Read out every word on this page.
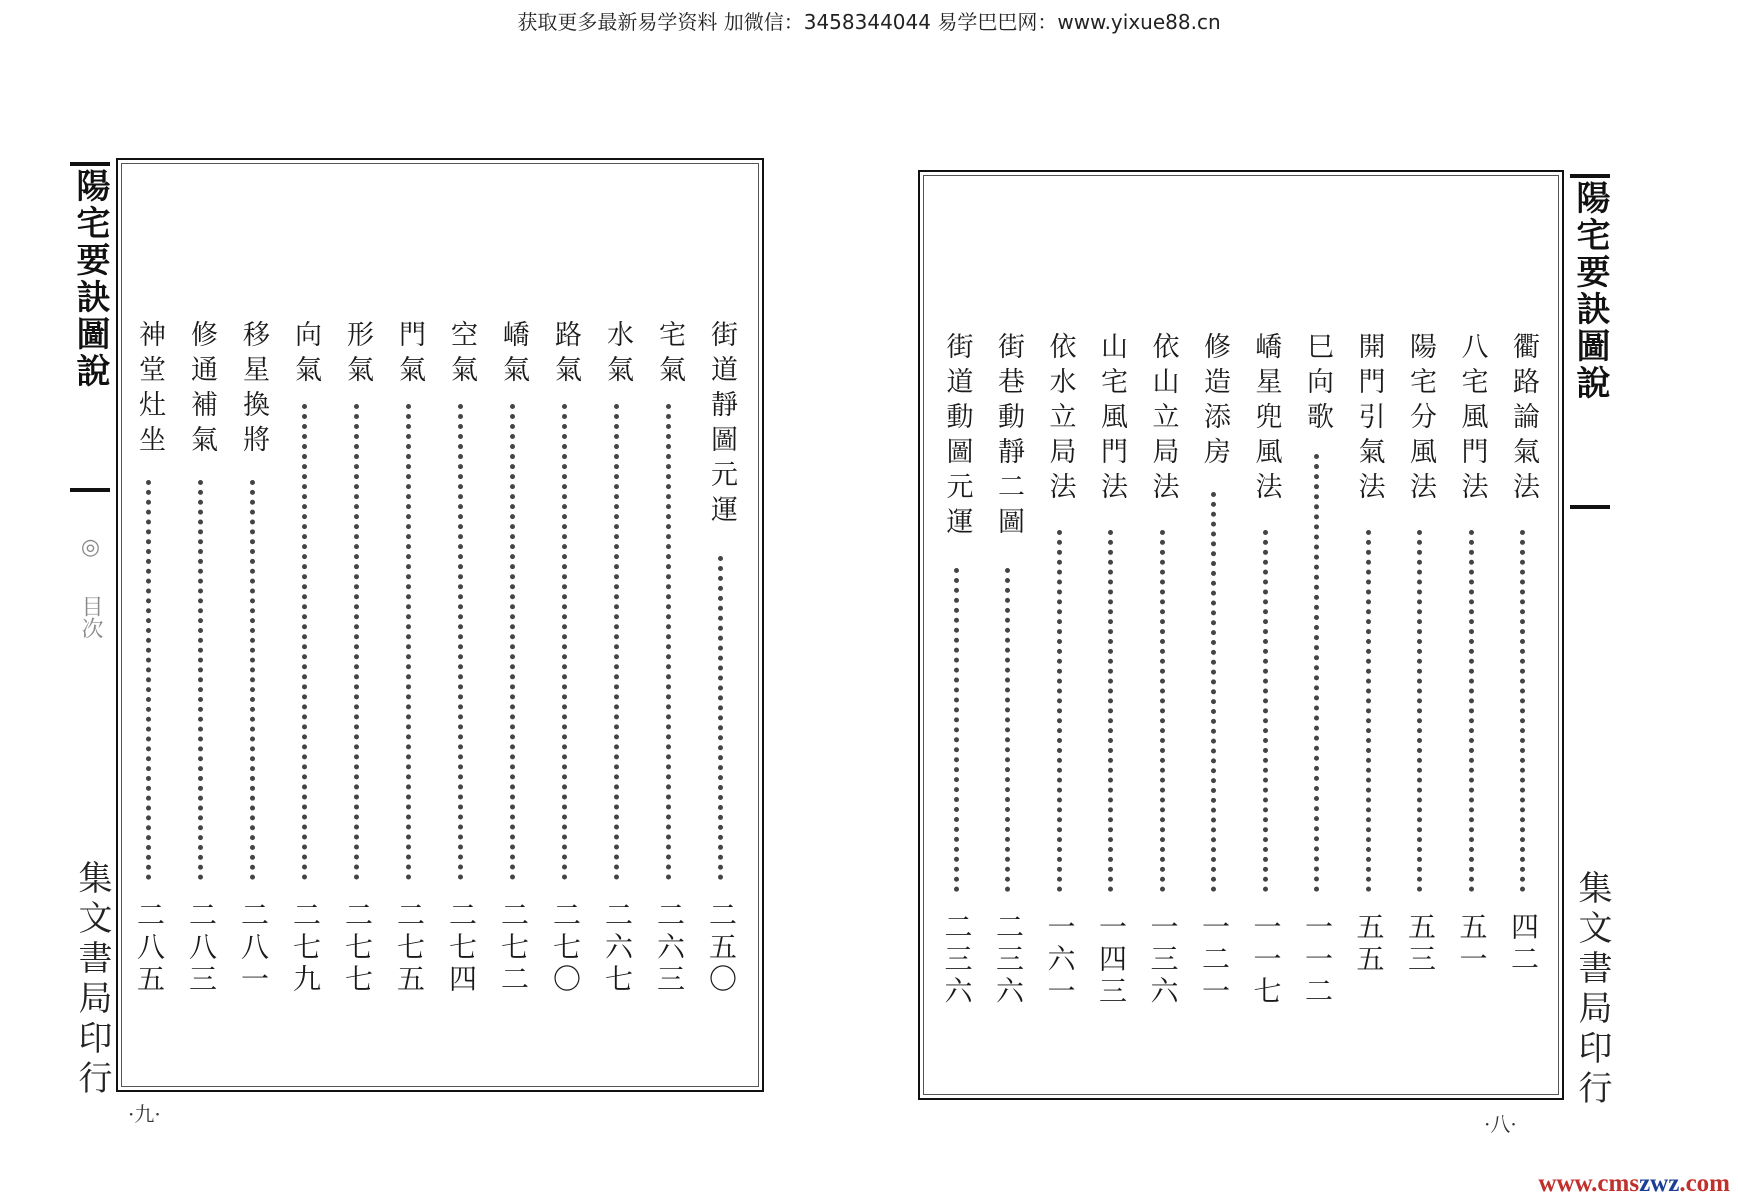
获取更多最新易学资料 加微信：3458344044 易学巴巴网：www.yixue88.cn
陽宅要訣圖說
◎
目次
集文書局印行
街道靜圖元運
二五〇
宅氣
二六三
水氣
二六七
路氣
二七〇
嶠氣
二七二
空氣
二七四
門氣
二七五
形氣
二七七
向氣
二七九
移星換將
二八一
修通補氣
二八三
神堂灶坐
二八五
·九·
衢路論氣法
四二
八宅風門法
五一
陽宅分風法
五三
開門引氣法
五五
巳向歌
一一二
嶠星兜風法
一一七
修造添房
一二一
依山立局法
一三六
山宅風門法
一四三
依水立局法
一六一
街巷動靜二圖
二三六
街道動圖元運
二三六
陽宅要訣圖說
集文書局印行
·八·
www.cmszwz.com
